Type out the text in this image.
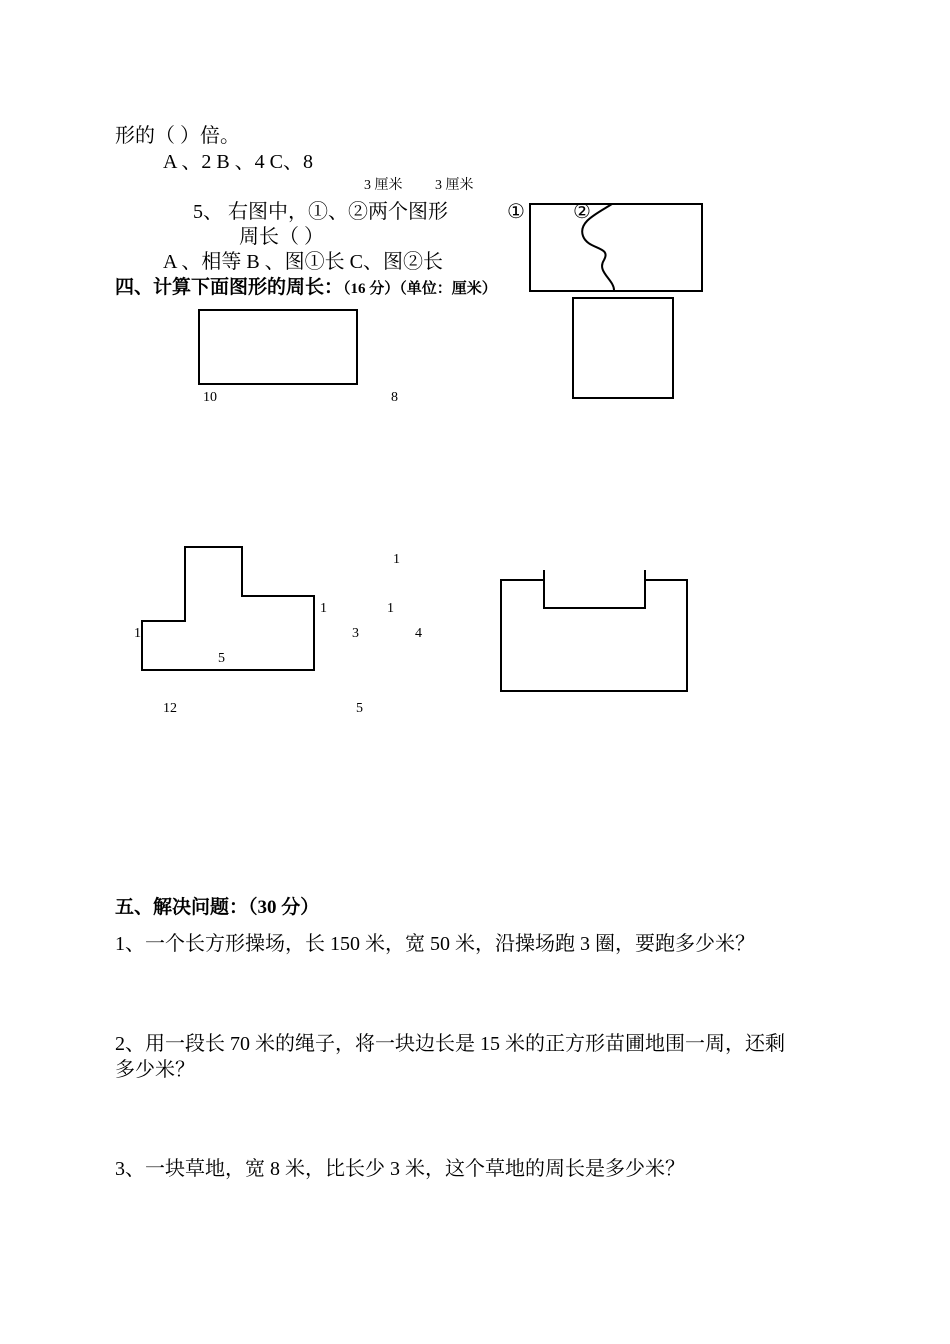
形的（ ）倍。
A 、2 B 、4 C、8
3 厘米 3 厘米
5、 右图中，①、②两个图形	① ②
周长（ ）
A 、相等 B 、图①长 C、图②长
四、计算下面图形的周长：（16 分）（单位：厘米）
10	8
1
1
5
12
1
1
3	4
5
五、解决问题：（30 分）
1、一个长方形操场，长 150 米，宽 50 米，沿操场跑 3 圈，要跑多少米？
2、用一段长 70 米的绳子，将一块边长是 15 米的正方形苗圃地围一周，还剩
多少米？
3、一块草地，宽 8 米，比长少 3 米，这个草地的周长是多少米？
